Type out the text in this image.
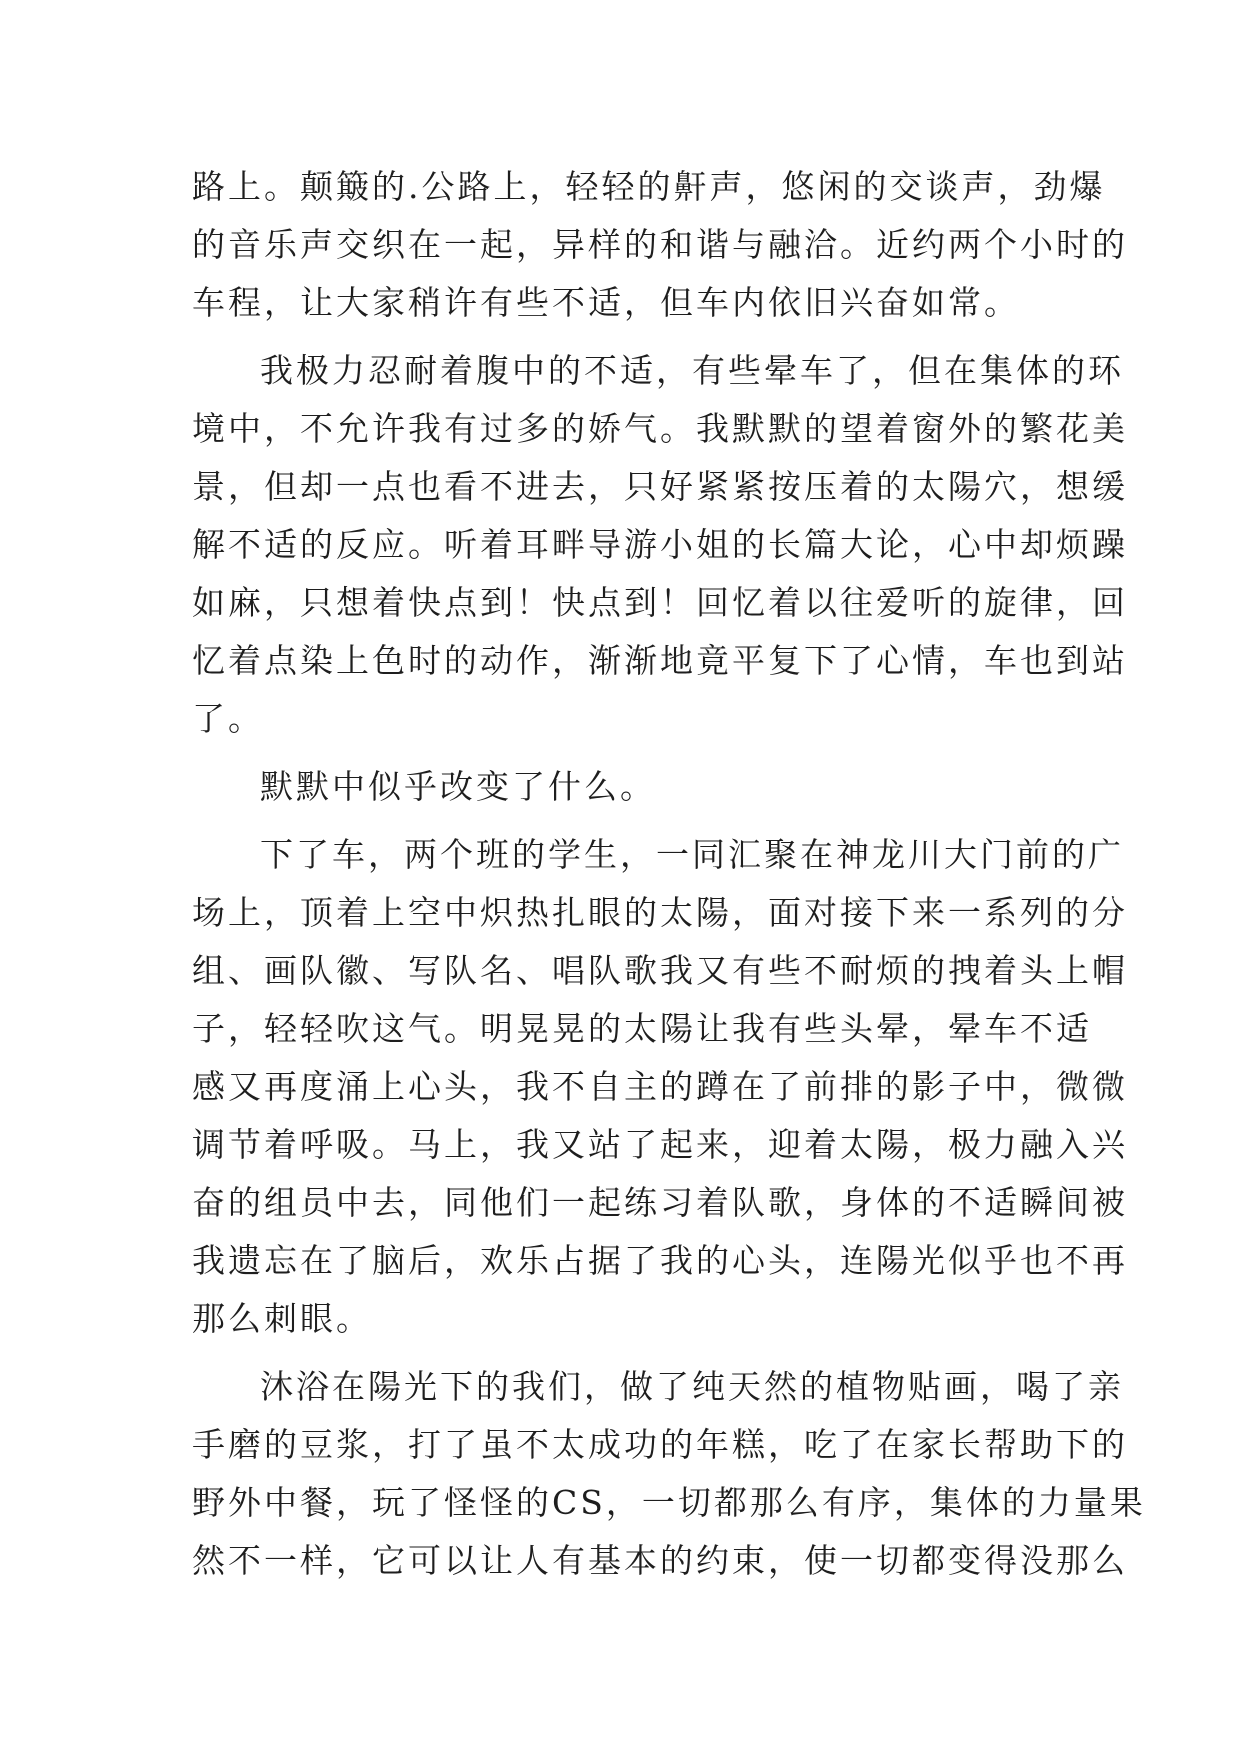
路上。颠簸的.公路上，轻轻的鼾声，悠闲的交谈声，劲爆
的音乐声交织在一起，异样的和谐与融洽。近约两个小时的
车程，让大家稍许有些不适，但车内依旧兴奋如常。
我极力忍耐着腹中的不适，有些晕车了，但在集体的环
境中，不允许我有过多的娇气。我默默的望着窗外的繁花美
景，但却一点也看不进去，只好紧紧按压着的太陽穴，想缓
解不适的反应。听着耳畔导游小姐的长篇大论，心中却烦躁
如麻，只想着快点到！快点到！回忆着以往爱听的旋律，回
忆着点染上色时的动作，渐渐地竟平复下了心情，车也到站
了。
默默中似乎改变了什么。
下了车，两个班的学生，一同汇聚在神龙川大门前的广
场上，顶着上空中炽热扎眼的太陽，面对接下来一系列的分
组、画队徽、写队名、唱队歌我又有些不耐烦的拽着头上帽
子，轻轻吹这气。明晃晃的太陽让我有些头晕，晕车不适
感又再度涌上心头，我不自主的蹲在了前排的影子中，微微
调节着呼吸。马上，我又站了起来，迎着太陽，极力融入兴
奋的组员中去，同他们一起练习着队歌，身体的不适瞬间被
我遗忘在了脑后，欢乐占据了我的心头，连陽光似乎也不再
那么刺眼。
沐浴在陽光下的我们，做了纯天然的植物贴画，喝了亲
手磨的豆浆，打了虽不太成功的年糕，吃了在家长帮助下的
野外中餐，玩了怪怪的CS，一切都那么有序，集体的力量果
然不一样，它可以让人有基本的约束，使一切都变得没那么
